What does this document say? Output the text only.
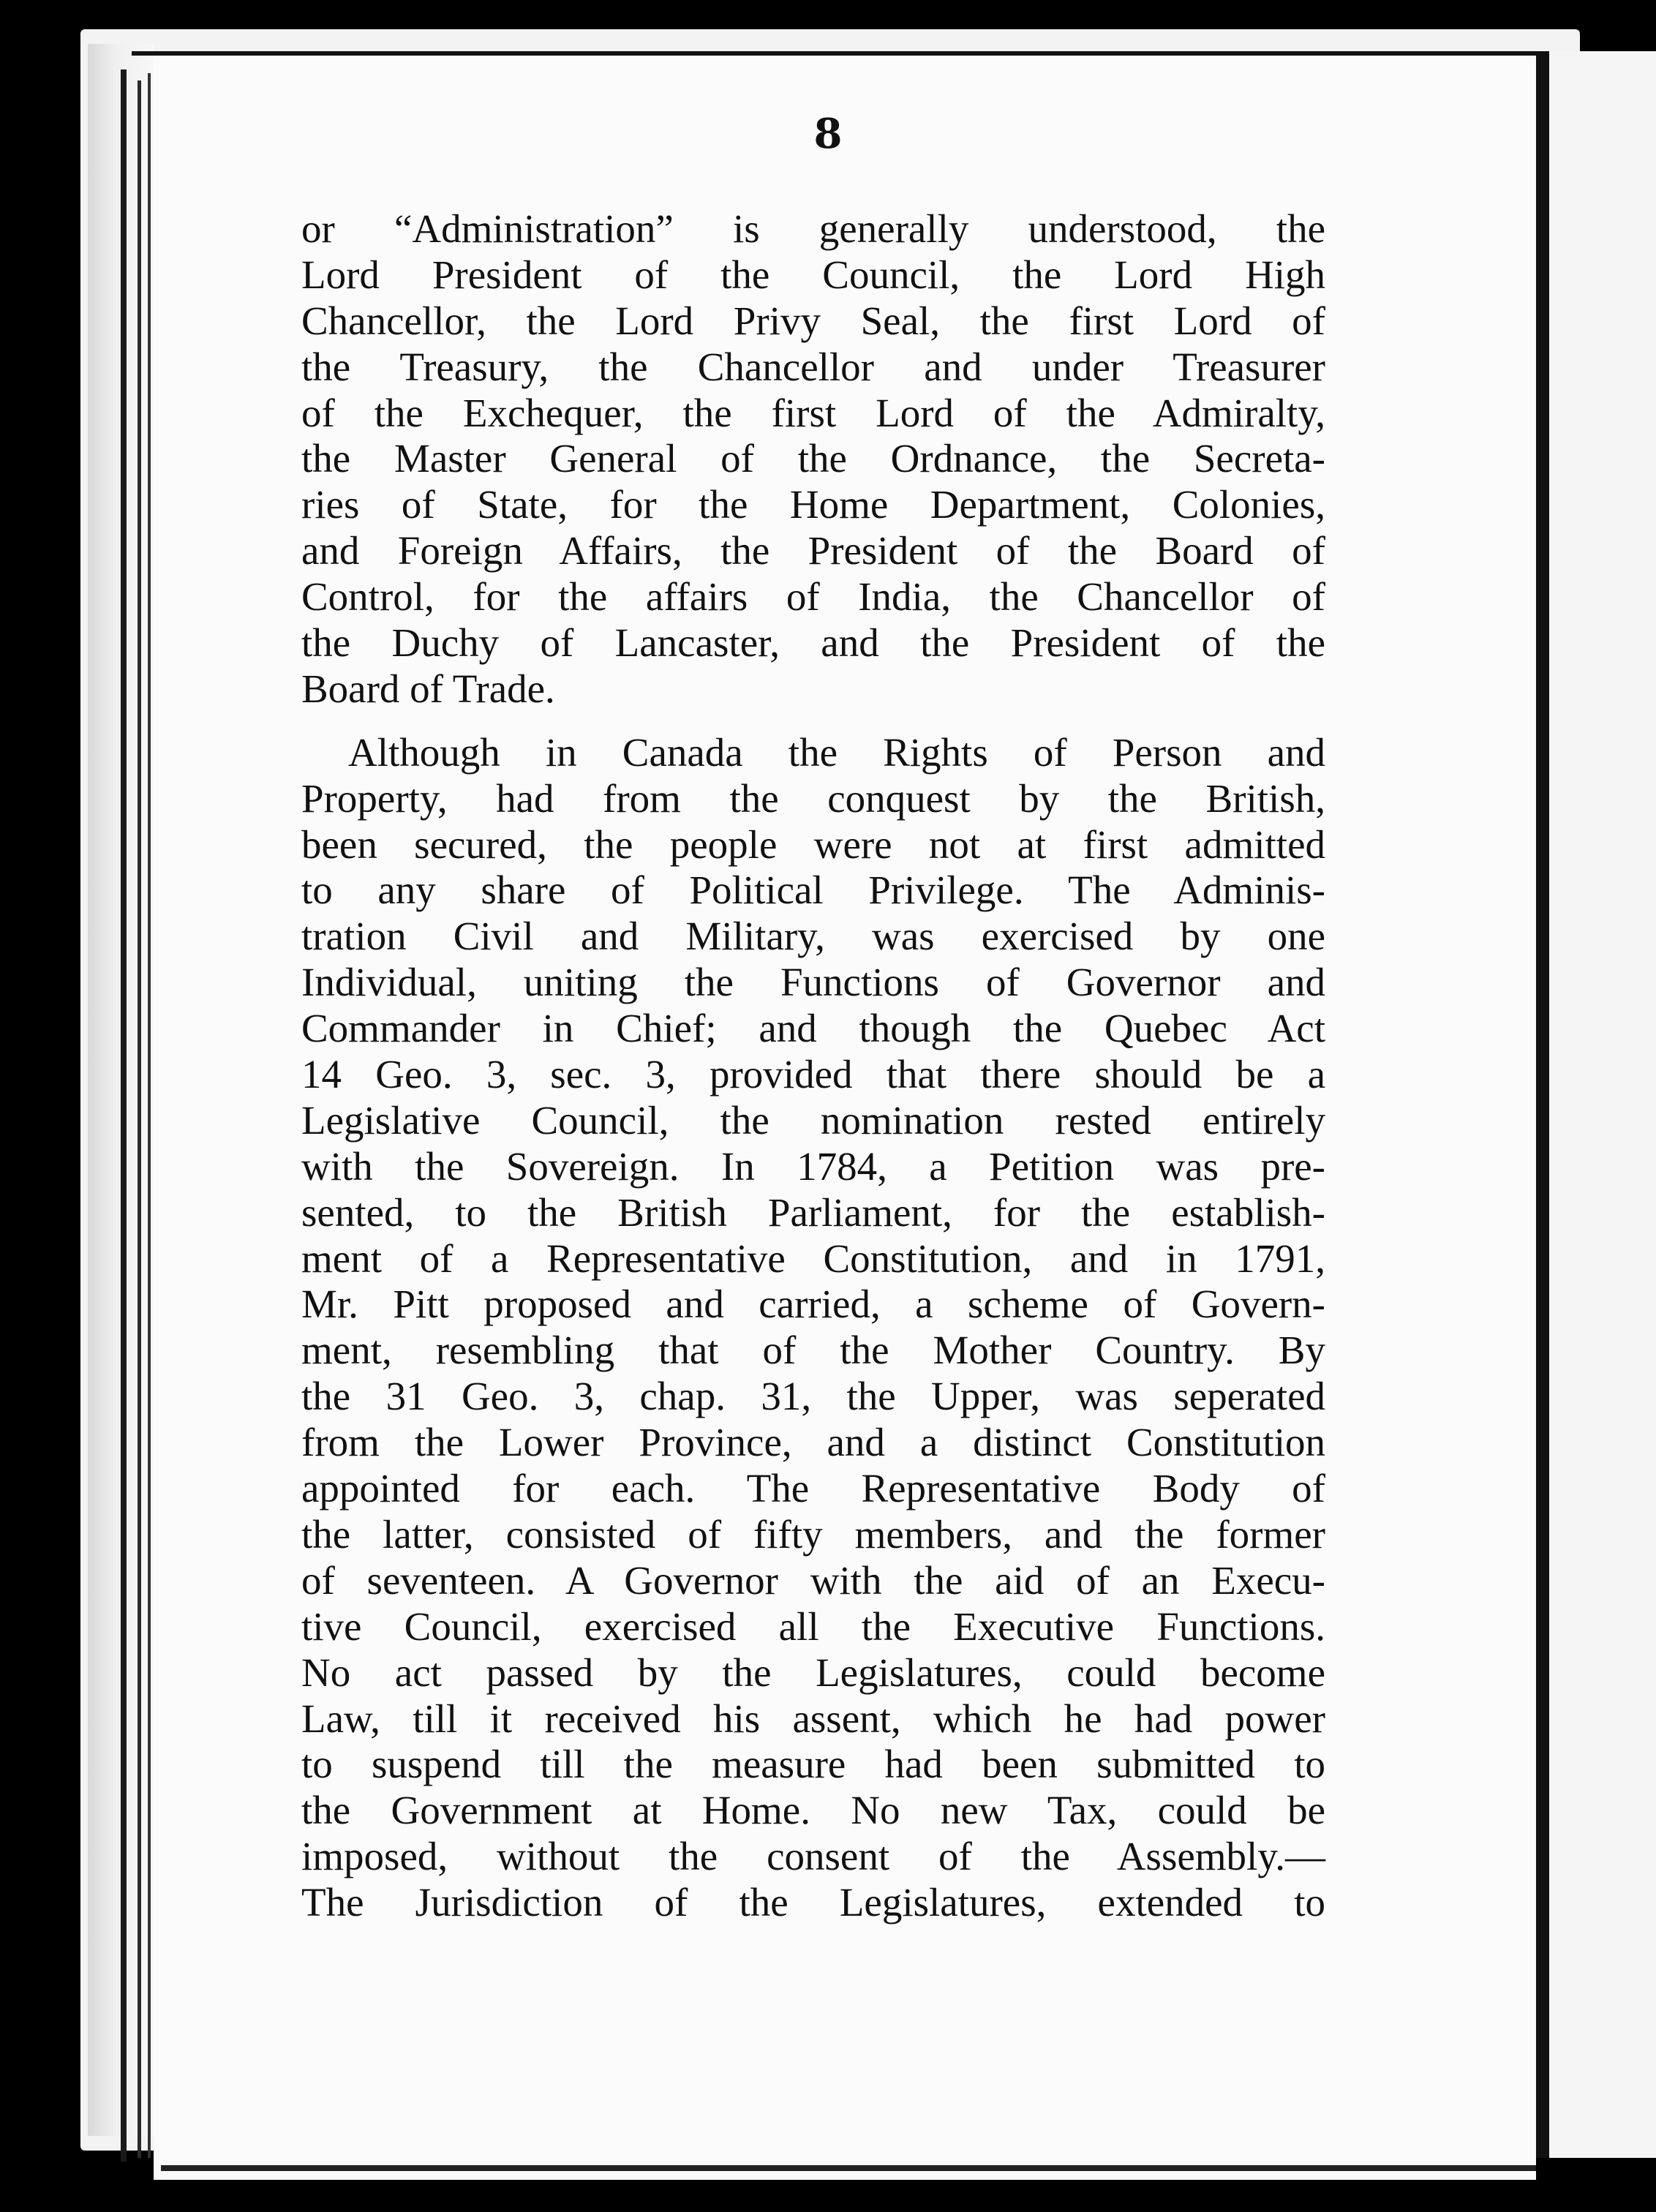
8
or “Administration” is generally understood, the
Lord President of the Council, the Lord High
Chancellor, the Lord Privy Seal, the first Lord of
the Treasury, the Chancellor and under Treasurer
of the Exchequer, the first Lord of the Admiralty,
the Master General of the Ordnance, the Secreta-
ries of State, for the Home Department, Colonies,
and Foreign Affairs, the President of the Board of
Control, for the affairs of India, the Chancellor of
the Duchy of Lancaster, and the President of the
Board of Trade.
Although in Canada the Rights of Person and
Property, had from the conquest by the British,
been secured, the people were not at first admitted
to any share of Political Privilege. The Adminis-
tration Civil and Military, was exercised by one
Individual, uniting the Functions of Governor and
Commander in Chief; and though the Quebec Act
14 Geo. 3, sec. 3, provided that there should be a
Legislative Council, the nomination rested entirely
with the Sovereign. In 1784, a Petition was pre-
sented, to the British Parliament, for the establish-
ment of a Representative Constitution, and in 1791,
Mr. Pitt proposed and carried, a scheme of Govern-
ment, resembling that of the Mother Country. By
the 31 Geo. 3, chap. 31, the Upper, was seperated
from the Lower Province, and a distinct Constitution
appointed for each. The Representative Body of
the latter, consisted of fifty members, and the former
of seventeen. A Governor with the aid of an Execu-
tive Council, exercised all the Executive Functions.
No act passed by the Legislatures, could become
Law, till it received his assent, which he had power
to suspend till the measure had been submitted to
the Government at Home. No new Tax, could be
imposed, without the consent of the Assembly.—
The Jurisdiction of the Legislatures, extended to
